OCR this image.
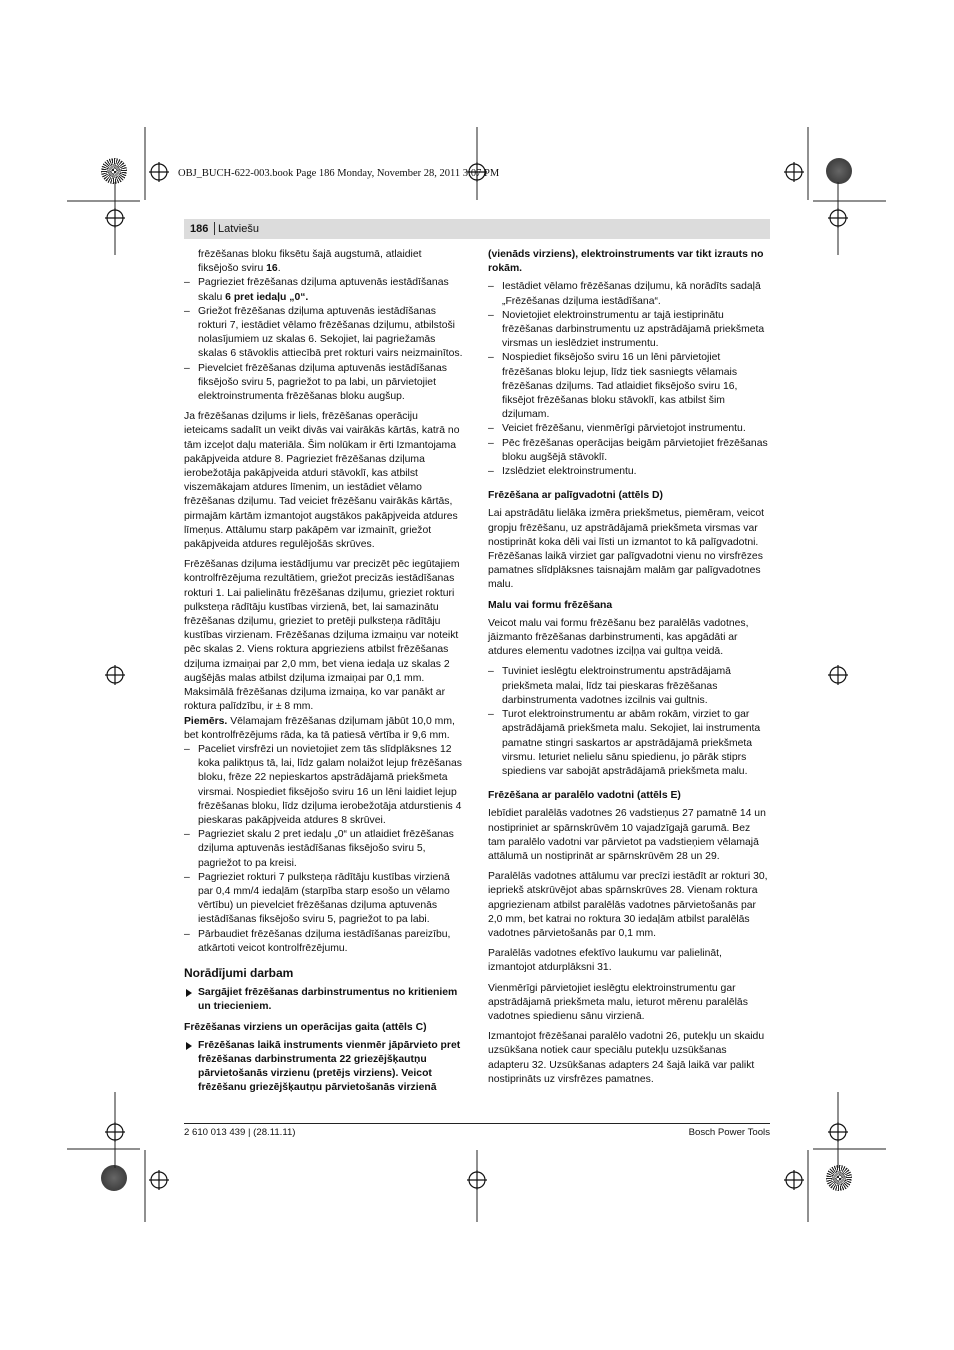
OBJ_BUCH-622-003.book Page 186 Monday, November 28, 2011 3:07 PM
186 Latviešu

frēzēšanas bloku fiksētu šajā augstumā, atlaidiet fiksējošo sviru 16.

– Pagrieziet frēzēšanas dziļuma aptuvenās iestādīšanas skalu 6 pret iedaļu „0“.

– Griežot frēzēšanas dziļuma aptuvenās iestādīšanas rokturi 7, iestādiet vēlamo frēzēšanas dziļumu, atbilstoši nolasījumiem uz skalas 6. Sekojiet, lai pagriežamās skalas 6 stāvoklis attiecībā pret rokturi vairs neizmainītos.

– Pievelciet frēzēšanas dziļuma aptuvenās iestādīšanas fiksējošo sviru 5, pagriežot to pa labi, un pārvietojiet elektroinstrumenta frēzēšanas bloku augšup.

Ja frēzēšanas dziļums ir liels, frēzēšanas operāciju ieteicams sadalīt un veikt divās vai vairākās kārtās, katrā no tām izceļot daļu materiāla. Šim nolūkam ir ērti Izmantojama pakāpjveida atdure 8. Pagrieziet frēzēšanas dziļuma ierobežotāja pakāpjveida atduri stāvoklī, kas atbilst viszemākajam atdures līmenim, un iestādiet vēlamo frēzēšanas dziļumu. Tad veiciet frēzēšanu vairākās kārtās, pirmajām kārtām izmantojot augstākos pakāpjveida atdures līmeņus. Attālumu starp pakāpēm var izmainīt, griežot pakāpjveida atdures regulējošās skrūves.

Frēzēšanas dziļuma iestādījumu var precizēt pēc iegūtajiem kontrolfrēzējuma rezultātiem, griežot precizās iestādīšanas rokturi 1. Lai palielinātu frēzēšanas dziļumu, grieziet rokturi pulksteņa rādītāju kustības virzienā, bet, lai samazinātu frēzēšanas dziļumu, grieziet to pretēji pulksteņa rādītāju kustības virzienam. Frēzēšanas dziļuma izmaiņu var noteikt pēc skalas 2. Viens rokturа apgrieziens atbilst frēzēšanas dziļuma izmaiņai par 2,0 mm, bet viena iedaļa uz skalas 2 augšējās malas atbilst dziļuma izmaiņai par 0,1 mm. Maksimālā frēzēšanas dziļuma izmaiņa, ko var panākt ar roktura palīdzību, ir ± 8 mm.

Piemērs. Vēlamajam frēzēšanas dziļumam jābūt 10,0 mm, bet kontrolfrēzējums rāda, ka tā patiesā vērtība ir 9,6 mm.

– Paceliet virsfrēzi un novietojiet zem tās slīdplāksnes 12 koka paliktņus tā, lai, līdz galam nolaižot lejup frēzēšanas bloku, frēze 22 nepieskartos apstrādājamā priekšmeta virsmai. Nospiediet fiksējošo sviru 16 un lēni laidiet lejup frēzēšanas bloku, līdz dziļuma ierobežotāja atdurstienis 4 pieskaras pakāpjveida atdures 8 skrūvei.

– Pagrieziet skalu 2 pret iedaļu „0“ un atlaidiet frēzēšanas dziļuma aptuvenās iestādīšanas fiksējošo sviru 5, pagriežot to pa kreisi.

– Pagrieziet rokturi 7 pulksteņa rādītāju kustības virzienā par 0,4 mm/4 iedaļām (starpība starp esošo un vēlamo vērtību) un pievelciet frēzēšanas dziļuma aptuvenās iestādīšanas fiksējošo sviru 5, pagriežot to pa labi.

– Pārbaudiet frēzēšanas dziļuma iestādīšanas pareizību, atkārtoti veicot kontrolfrēzējumu.

Norādījumi darbam

Sargājiet frēzēšanas darbinstrumentus no kritieniem un triecieniem.

Frēzēšanas virziens un operācijas gaita (attēls C)

Frēzēšanas laikā instruments vienmēr jāpārvieto pret frēzēšanas darbinstrumenta 22 griezējšķautņu pārvietošanās virzienu (pretējs virziens). Veicot frēzēšanu griezējšķautņu pārvietošanās virzienā

(vienāds virziens), elektroinstruments var tikt izrauts no rokām.

– Iestādiet vēlamo frēzēšanas dziļumu, kā norādīts sadaļā „Frēzēšanas dziļuma iestādīšana“.

– Novietojiet elektroinstrumentu ar tajā iestiprinātu frēzēšanas darbinstrumentu uz apstrādājamā priekšmeta virsmas un ieslēdziet instrumentu.

– Nospiediet fiksējošo sviru 16 un lēni pārvietojiet frēzēšanas bloku lejup, līdz tiek sasniegts vēlamais frēzēšanas dziļums. Tad atlaidiet fiksējošo sviru 16, fiksējot frēzēšanas bloku stāvoklī, kas atbilst šim dziļumam.

– Veiciet frēzēšanu, vienmērīgi pārvietojot instrumentu.

– Pēc frēzēšanas operācijas beigām pārvietojiet frēzēšanas bloku augšējā stāvoklī.

– Izslēdziet elektroinstrumentu.

Frēzēšana ar palīgvadotni (attēls D)

Lai apstrādātu lielāka izmēra priekšmetus, piemēram, veicot gropju frēzēšanu, uz apstrādājamā priekšmeta virsmas var nostiprināt koka dēli vai līsti un izmantot to kā palīgvadotni. Frēzēšanas laikā virziet gar palīgvadotni vienu no virsfrēzes pamatnes slīdplāksnes taisnajām malām gar palīgvadotnes malu.

Malu vai formu frēzēšana

Veicot malu vai formu frēzēšanu bez paralēlās vadotnes, jāizmanto frēzēšanas darbinstrumenti, kas apgādāti ar atdures elementu vadotnes izciļņa vai gultņa veidā.

– Tuviniet ieslēgtu elektroinstrumentu apstrādājamā priekšmeta malai, līdz tai pieskaras frēzēšanas darbinstrumenta vadotnes izcilnis vai gultnis.

– Turot elektroinstrumentu ar abām rokām, virziet to gar apstrādājamā priekšmeta malu. Sekojiet, lai instrumenta pamatne stingri saskartos ar apstrādājamā priekšmeta virsmu. Ieturiet nelielu sānu spiedienu, jo pārāk stiprs spiediens var sabojāt apstrādājamā priekšmeta malu.

Frēzēšana ar paralēlo vadotni (attēls E)

Iebīdiet paralēlās vadotnes 26 vadstieņus 27 pamatnē 14 un nostipriniet ar spārnskrūvēm 10 vajadzīgajā garumā. Bez tam paralēlo vadotni var pārvietot pa vadstieņiem vēlamajā attālumā un nostiprināt ar spārnskrūvēm 28 un 29.

Paralēlās vadotnes attālumu var precīzi iestādīt ar rokturi 30, iepriekš atskrūvējot abas spārnskrūves 28. Vienam roktura apgriezienam atbilst paralēlās vadotnes pārvietošanās par 2,0 mm, bet katrai no roktura 30 iedaļām atbilst paralēlās vadotnes pārvietošanās par 0,1 mm.

Paralēlās vadotnes efektīvo laukumu var palielināt, izmantojot atdurplāksni 31.

Vienmērīgi pārvietojiet ieslēgtu elektroinstrumentu gar apstrādājamā priekšmeta malu, ieturot mērenu paralēlās vadotnes spiedienu sānu virzienā.

Izmantojot frēzēšanai paralēlo vadotni 26, putekļu un skaidu uzsūkšana notiek caur speciālu putekļu uzsūkšanas adapteru 32. Uzsūkšanas adapters 24 šajā laikā var palikt nostiprināts uz virsfrēzes pamatnes.

2 610 013 439 | (28.11.11)	Bosch Power Tools
